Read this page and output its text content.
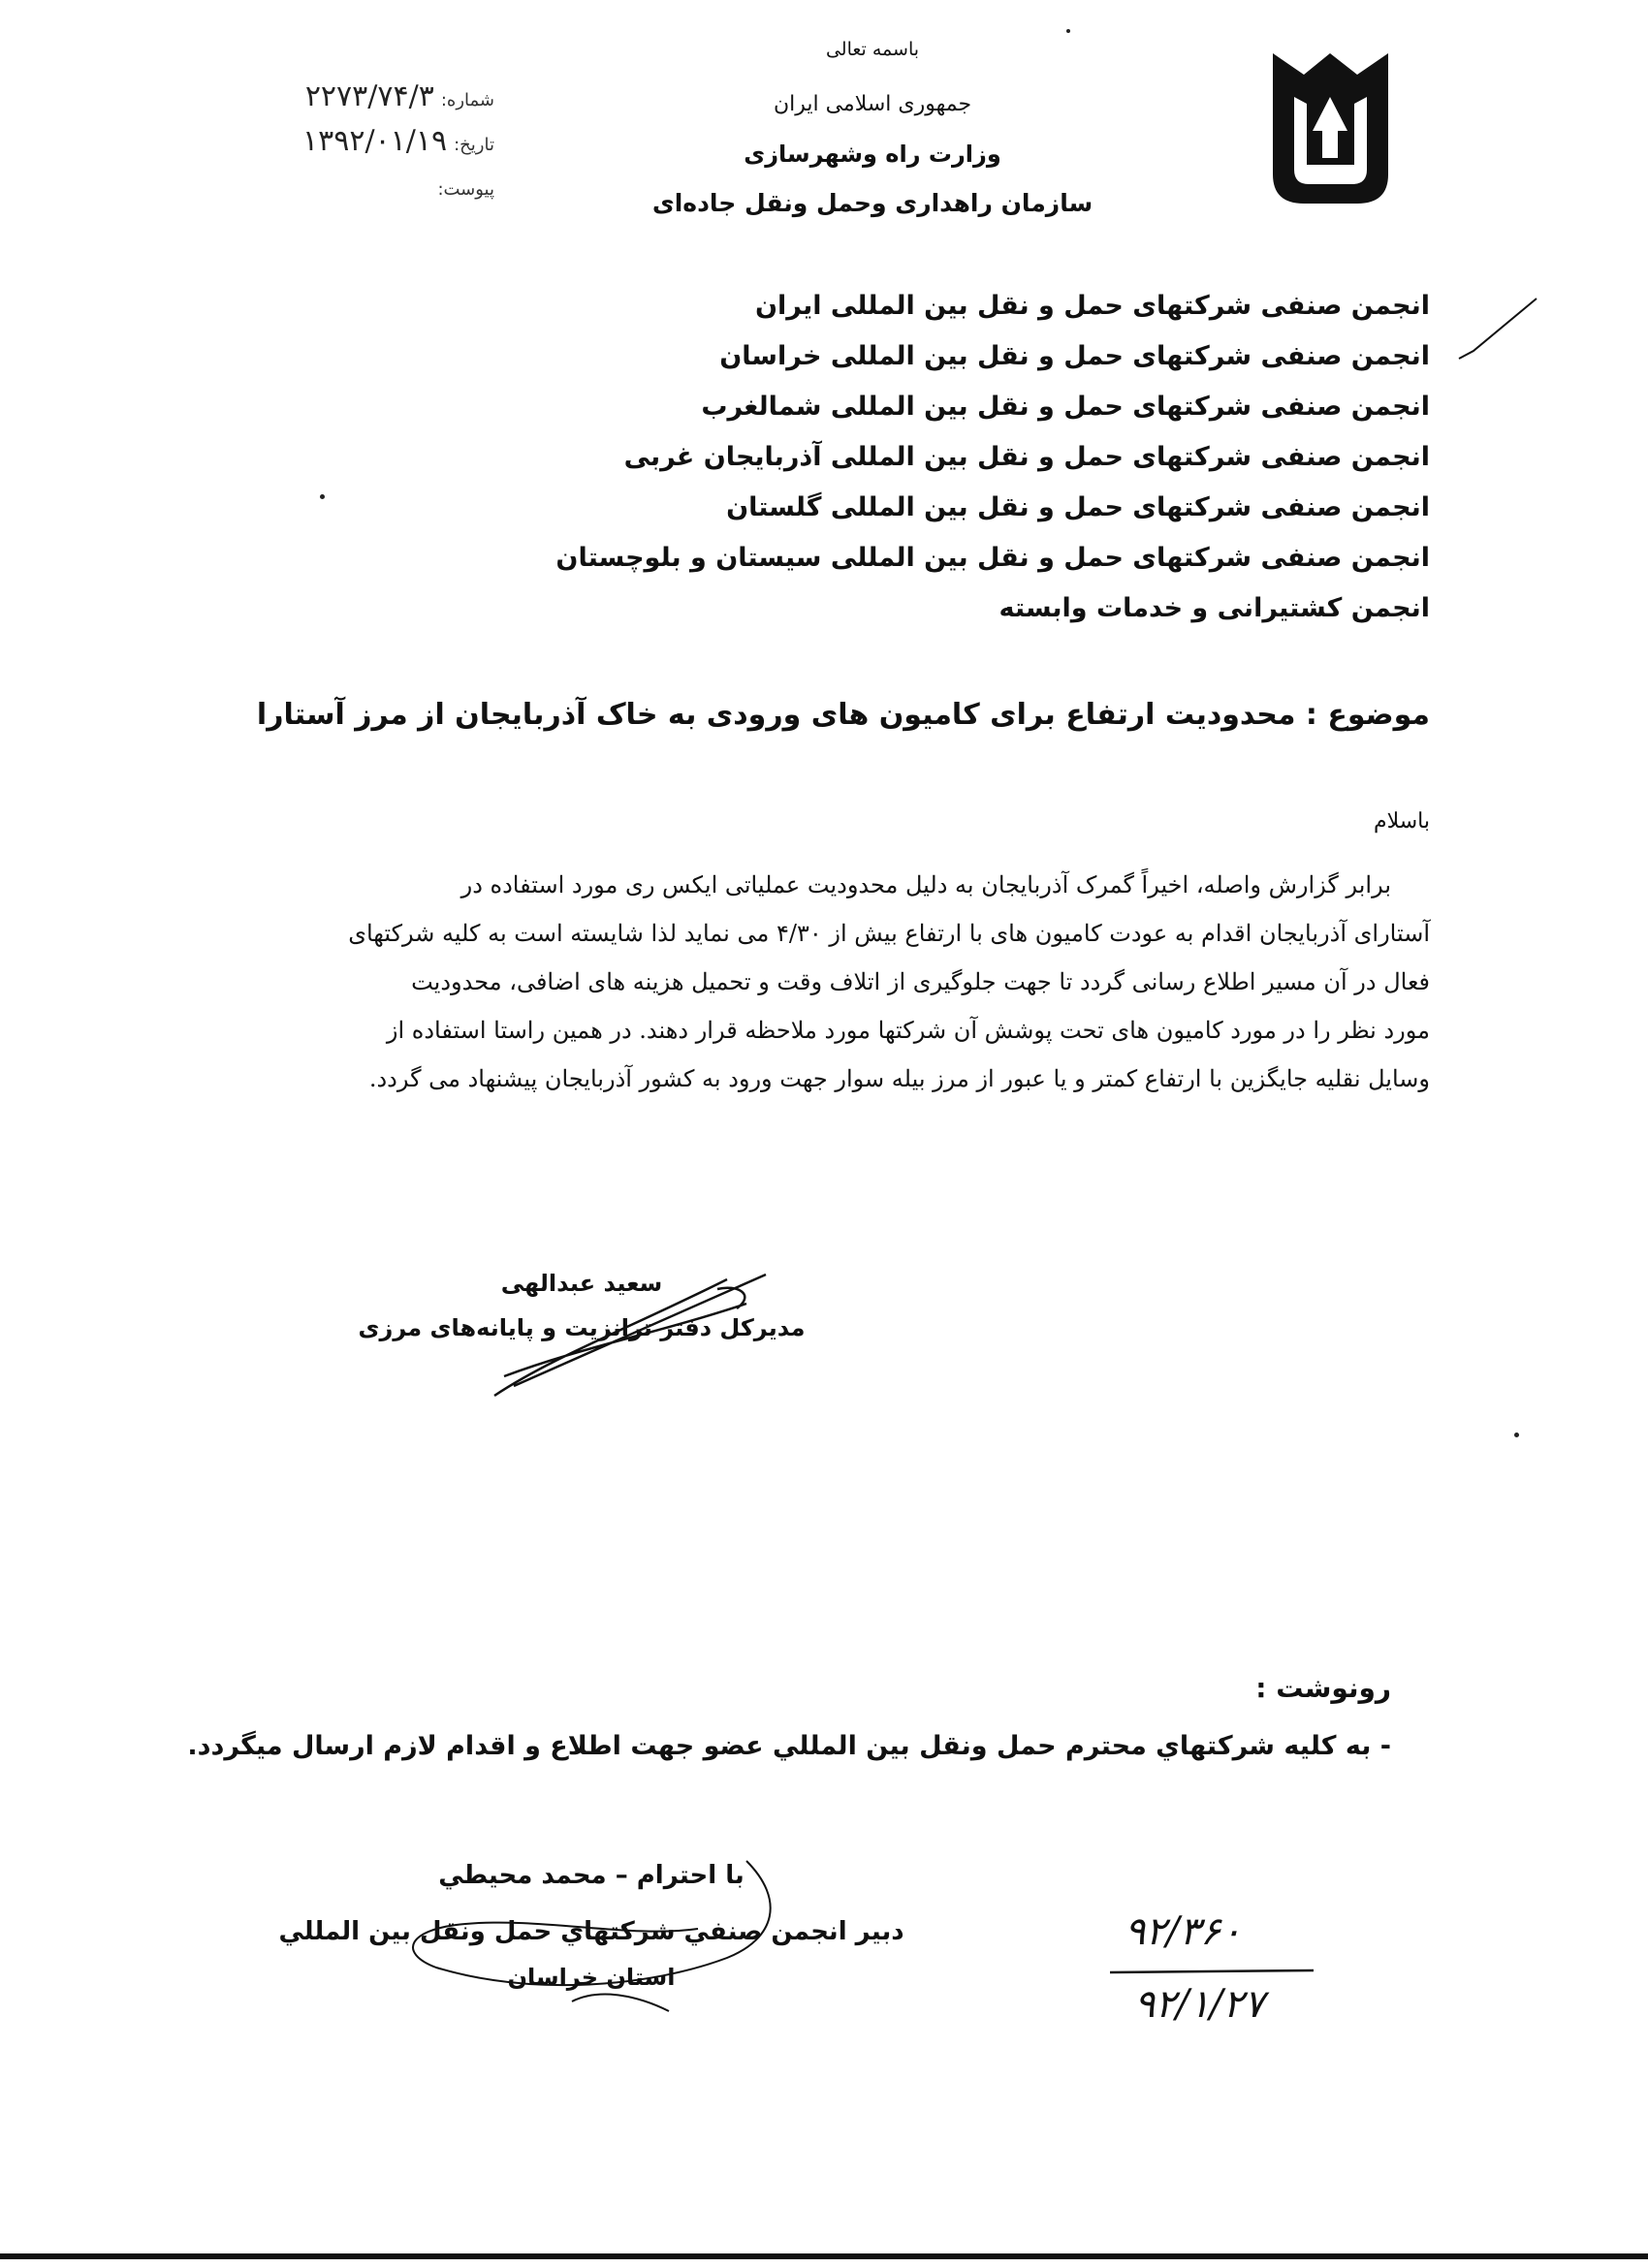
باسمه تعالی
جمهوری اسلامی ایران
وزارت راه وشهرسازی
سازمان راهداری وحمل ونقل جاده‌ای
شماره: ۲۲۷۳/۷۴/۳
تاریخ: ۱۳۹۲/۰۱/۱۹
پیوست:
انجمن صنفی شرکتهای حمل و نقل بین المللی ایران
انجمن صنفی شرکتهای حمل و نقل بین المللی خراسان
انجمن صنفی شرکتهای حمل و نقل بین المللی شمالغرب
انجمن صنفی شرکتهای حمل و نقل بین المللی آذربایجان غربی
انجمن صنفی شرکتهای حمل و نقل بین المللی گلستان
انجمن صنفی شرکتهای حمل و نقل بین المللی سیستان و بلوچستان
انجمن کشتیرانی و خدمات وابسته
موضوع : محدودیت ارتفاع برای کامیون های ورودی به خاک آذربایجان از مرز آستارا
باسلام
برابر گزارش واصله، اخیراً گمرک آذربایجان به دلیل محدودیت عملیاتی ایکس ری مورد استفاده در
آستارای آذربایجان اقدام به عودت کامیون های با ارتفاع بیش از ۴/۳۰ می نماید لذا شایسته است به کلیه شرکتهای
فعال در آن مسیر اطلاع رسانی گردد تا جهت جلوگیری از اتلاف وقت و تحمیل هزینه های اضافی، محدودیت
مورد نظر را در مورد کامیون های تحت پوشش آن شرکتها مورد ملاحظه قرار دهند. در همین راستا استفاده از
وسایل نقلیه جایگزین با ارتفاع کمتر و یا عبور از مرز بیله سوار جهت ورود به کشور آذربایجان پیشنهاد می گردد.
سعید عبدالهی
مدیرکل دفتر ترانزیت و پایانه‌های مرزی
رونوشت :
- به كليه شركتهاي محترم حمل ونقل بين المللي عضو جهت اطلاع و اقدام لازم ارسال ميگردد.
با احترام – محمد محيطي
دبير انجمن صنفي شركتهاي حمل ونقل بين المللي
استان خراسان
۹۲/۳۶۰
۹۲/۱/۲۷
